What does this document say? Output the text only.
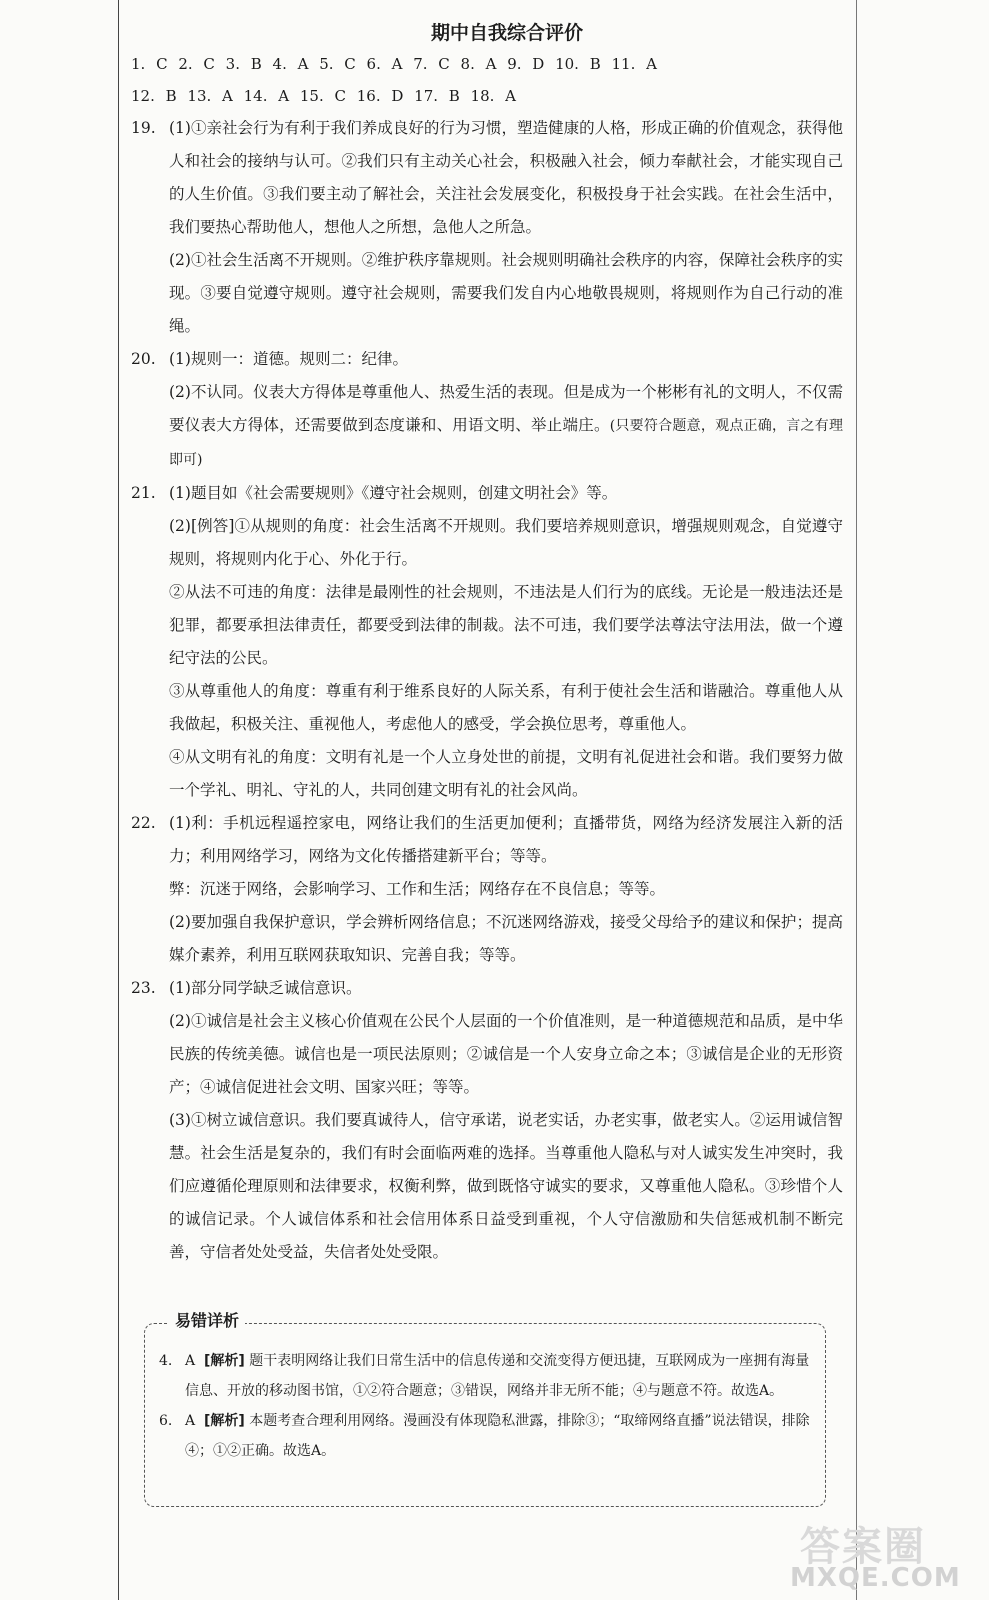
期中自我综合评价
1. C 2. C 3. B 4. A 5. C 6. A 7. C 8. A 9. D 10. B 11. A
12. B 13. A 14. A 15. C 16. D 17. B 18. A
19. (1)①亲社会行为有利于我们养成良好的行为习惯，塑造健康的人格，形成正确的价值观念，获得他人和社会的接纳与认可。②我们只有主动关心社会，积极融入社会，倾力奉献社会，才能实现自己的人生价值。③我们要主动了解社会，关注社会发展变化，积极投身于社会实践。在社会生活中，我们要热心帮助他人，想他人之所想，急他人之所急。
(2)①社会生活离不开规则。②维护秩序靠规则。社会规则明确社会秩序的内容，保障社会秩序的实现。③要自觉遵守规则。遵守社会规则，需要我们发自内心地敬畏规则，将规则作为自己行动的准绳。
20. (1)规则一：道德。规则二：纪律。
(2)不认同。仪表大方得体是尊重他人、热爱生活的表现。但是成为一个彬彬有礼的文明人，不仅需要仪表大方得体，还需要做到态度谦和、用语文明、举止端庄。(只要符合题意，观点正确，言之有理即可)
21. (1)题目如《社会需要规则》《遵守社会规则，创建文明社会》等。
(2)[例答]①从规则的角度：社会生活离不开规则。我们要培养规则意识，增强规则观念，自觉遵守规则，将规则内化于心、外化于行。
②从法不可违的角度：法律是最刚性的社会规则，不违法是人们行为的底线。无论是一般违法还是犯罪，都要承担法律责任，都要受到法律的制裁。法不可违，我们要学法尊法守法用法，做一个遵纪守法的公民。
③从尊重他人的角度：尊重有利于维系良好的人际关系，有利于使社会生活和谐融洽。尊重他人从我做起，积极关注、重视他人，考虑他人的感受，学会换位思考，尊重他人。
④从文明有礼的角度：文明有礼是一个人立身处世的前提，文明有礼促进社会和谐。我们要努力做一个学礼、明礼、守礼的人，共同创建文明有礼的社会风尚。
22. (1)利：手机远程遥控家电，网络让我们的生活更加便利；直播带货，网络为经济发展注入新的活力；利用网络学习，网络为文化传播搭建新平台；等等。
弊：沉迷于网络，会影响学习、工作和生活；网络存在不良信息；等等。
(2)要加强自我保护意识，学会辨析网络信息；不沉迷网络游戏，接受父母给予的建议和保护；提高媒介素养，利用互联网获取知识、完善自我；等等。
23. (1)部分同学缺乏诚信意识。
(2)①诚信是社会主义核心价值观在公民个人层面的一个价值准则，是一种道德规范和品质，是中华民族的传统美德。诚信也是一项民法原则；②诚信是一个人安身立命之本；③诚信是企业的无形资产；④诚信促进社会文明、国家兴旺；等等。
(3)①树立诚信意识。我们要真诚待人，信守承诺，说老实话，办老实事，做老实人。②运用诚信智慧。社会生活是复杂的，我们有时会面临两难的选择。当尊重他人隐私与对人诚实发生冲突时，我们应遵循伦理原则和法律要求，权衡利弊，做到既恪守诚实的要求，又尊重他人隐私。③珍惜个人的诚信记录。个人诚信体系和社会信用体系日益受到重视，个人守信激励和失信惩戒机制不断完善，守信者处处受益，失信者处处受限。
易错详析
4. A [解析] 题干表明网络让我们日常生活中的信息传递和交流变得方便迅捷，互联网成为一座拥有海量信息、开放的移动图书馆，①②符合题意；③错误，网络并非无所不能；④与题意不符。故选A。
6. A [解析] 本题考查合理利用网络。漫画没有体现隐私泄露，排除③；“取缔网络直播”说法错误，排除④；①②正确。故选A。
答案圈
MXQE.COM
